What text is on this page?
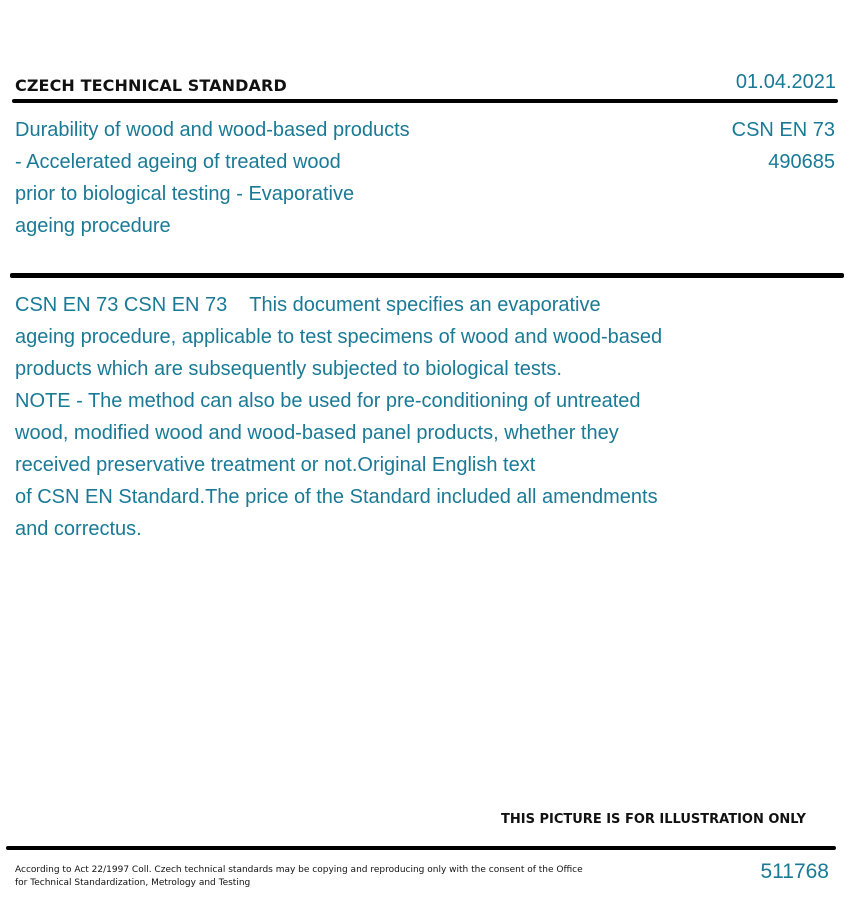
CZECH TECHNICAL STANDARD	01.04.2021
Durability of wood and wood-based products
- Accelerated ageing of treated wood
prior to biological testing - Evaporative
ageing procedure
CSN EN 73
490685
CSN EN 73 CSN EN 73 This document specifies an evaporative
ageing procedure, applicable to test specimens of wood and wood-based
products which are subsequently subjected to biological tests.
NOTE - The method can also be used for pre-conditioning of untreated
wood, modified wood and wood-based panel products, whether they
received preservative treatment or not.Original English text
of CSN EN Standard.The price of the Standard included all amendments
and correctus.
THIS PICTURE IS FOR ILLUSTRATION ONLY
According to Act 22/1997 Coll. Czech technical standards may be copying and reproducing only with the consent of the Office
for Technical Standardization, Metrology and Testing	511768
